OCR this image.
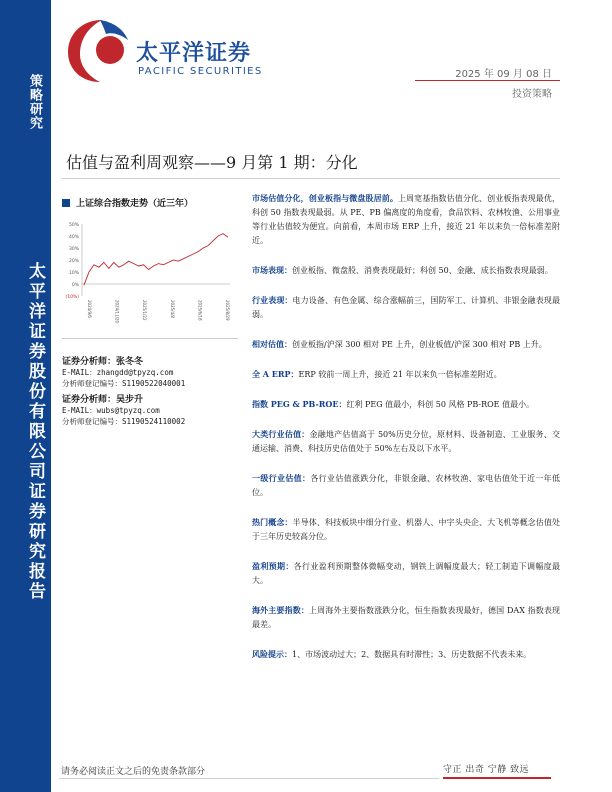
策略研究
太平洋证券股份有限公司证券研究报告
太平洋证券
PACIFIC SECURITIES	2025 年 09 月 08 日
投资策略
估值与盈利周观察——9 月第 1 期：分化
上证综合指数走势（近三年）
(10%)
0%
10%
20%
30%
40%
50%
2024/9/6	2024/11/20	2025/1/22	2025/4/8	2025/6/18	2025/8/29
证券分析师：张冬冬
E-MAIL：zhangdd@tpyzq.com
分析师登记编号：S1190522040001
证券分析师：吴步升
E-MAIL：wubs@tpyzq.com
分析师登记编号：S1190524110002

市场估值分化，创业板指与微盘股居前。上周宽基指数估值分化、创业板指表现最优，科创 50 指数表现最弱。从 PE、PB 偏离度的角度看，食品饮料、农林牧渔、公用事业等行业估值较为便宜。向前看，本周市场 ERP 上升，接近 21 年以来负一倍标准差附近。

市场表现：创业板指、微盘股、消费表现最好；科创 50、金融、成长指数表现最弱。

行业表现：电力设备、有色金属、综合涨幅前三，国防军工、计算机、非银金融表现最弱。

相对估值：创业板指/沪深 300 相对 PE 上升，创业板值/沪深 300 相对 PB 上升。

全 A ERP：ERP 较前一周上升，接近 21 年以来负一倍标准差附近。

指数 PEG & PB-ROE：红利 PEG 值最小，科创 50 风格 PB-ROE 值最小。

大类行业估值：金融地产估值高于 50%历史分位，原材料、设备制造、工业服务、交通运输、消费、科技历史估值处于 50%左右及以下水平。

一级行业估值：各行业估值涨跌分化，非银金融、农林牧渔、家电估值处于近一年低位。

热门概念：半导体、科技板块中细分行业、机器人、中字头央企、大飞机等概念估值处于三年历史较高分位。

盈利预期：各行业盈利预期整体微幅变动，钢铁上调幅度最大；轻工制造下调幅度最大。

海外主要指数：上周海外主要指数涨跌分化，恒生指数表现最好，德国 DAX 指数表现最差。

风险提示：1、市场波动过大；2、数据具有时滞性；3、历史数据不代表未来。

请务必阅读正文之后的免责条款部分	守正 出奇 宁静 致远
